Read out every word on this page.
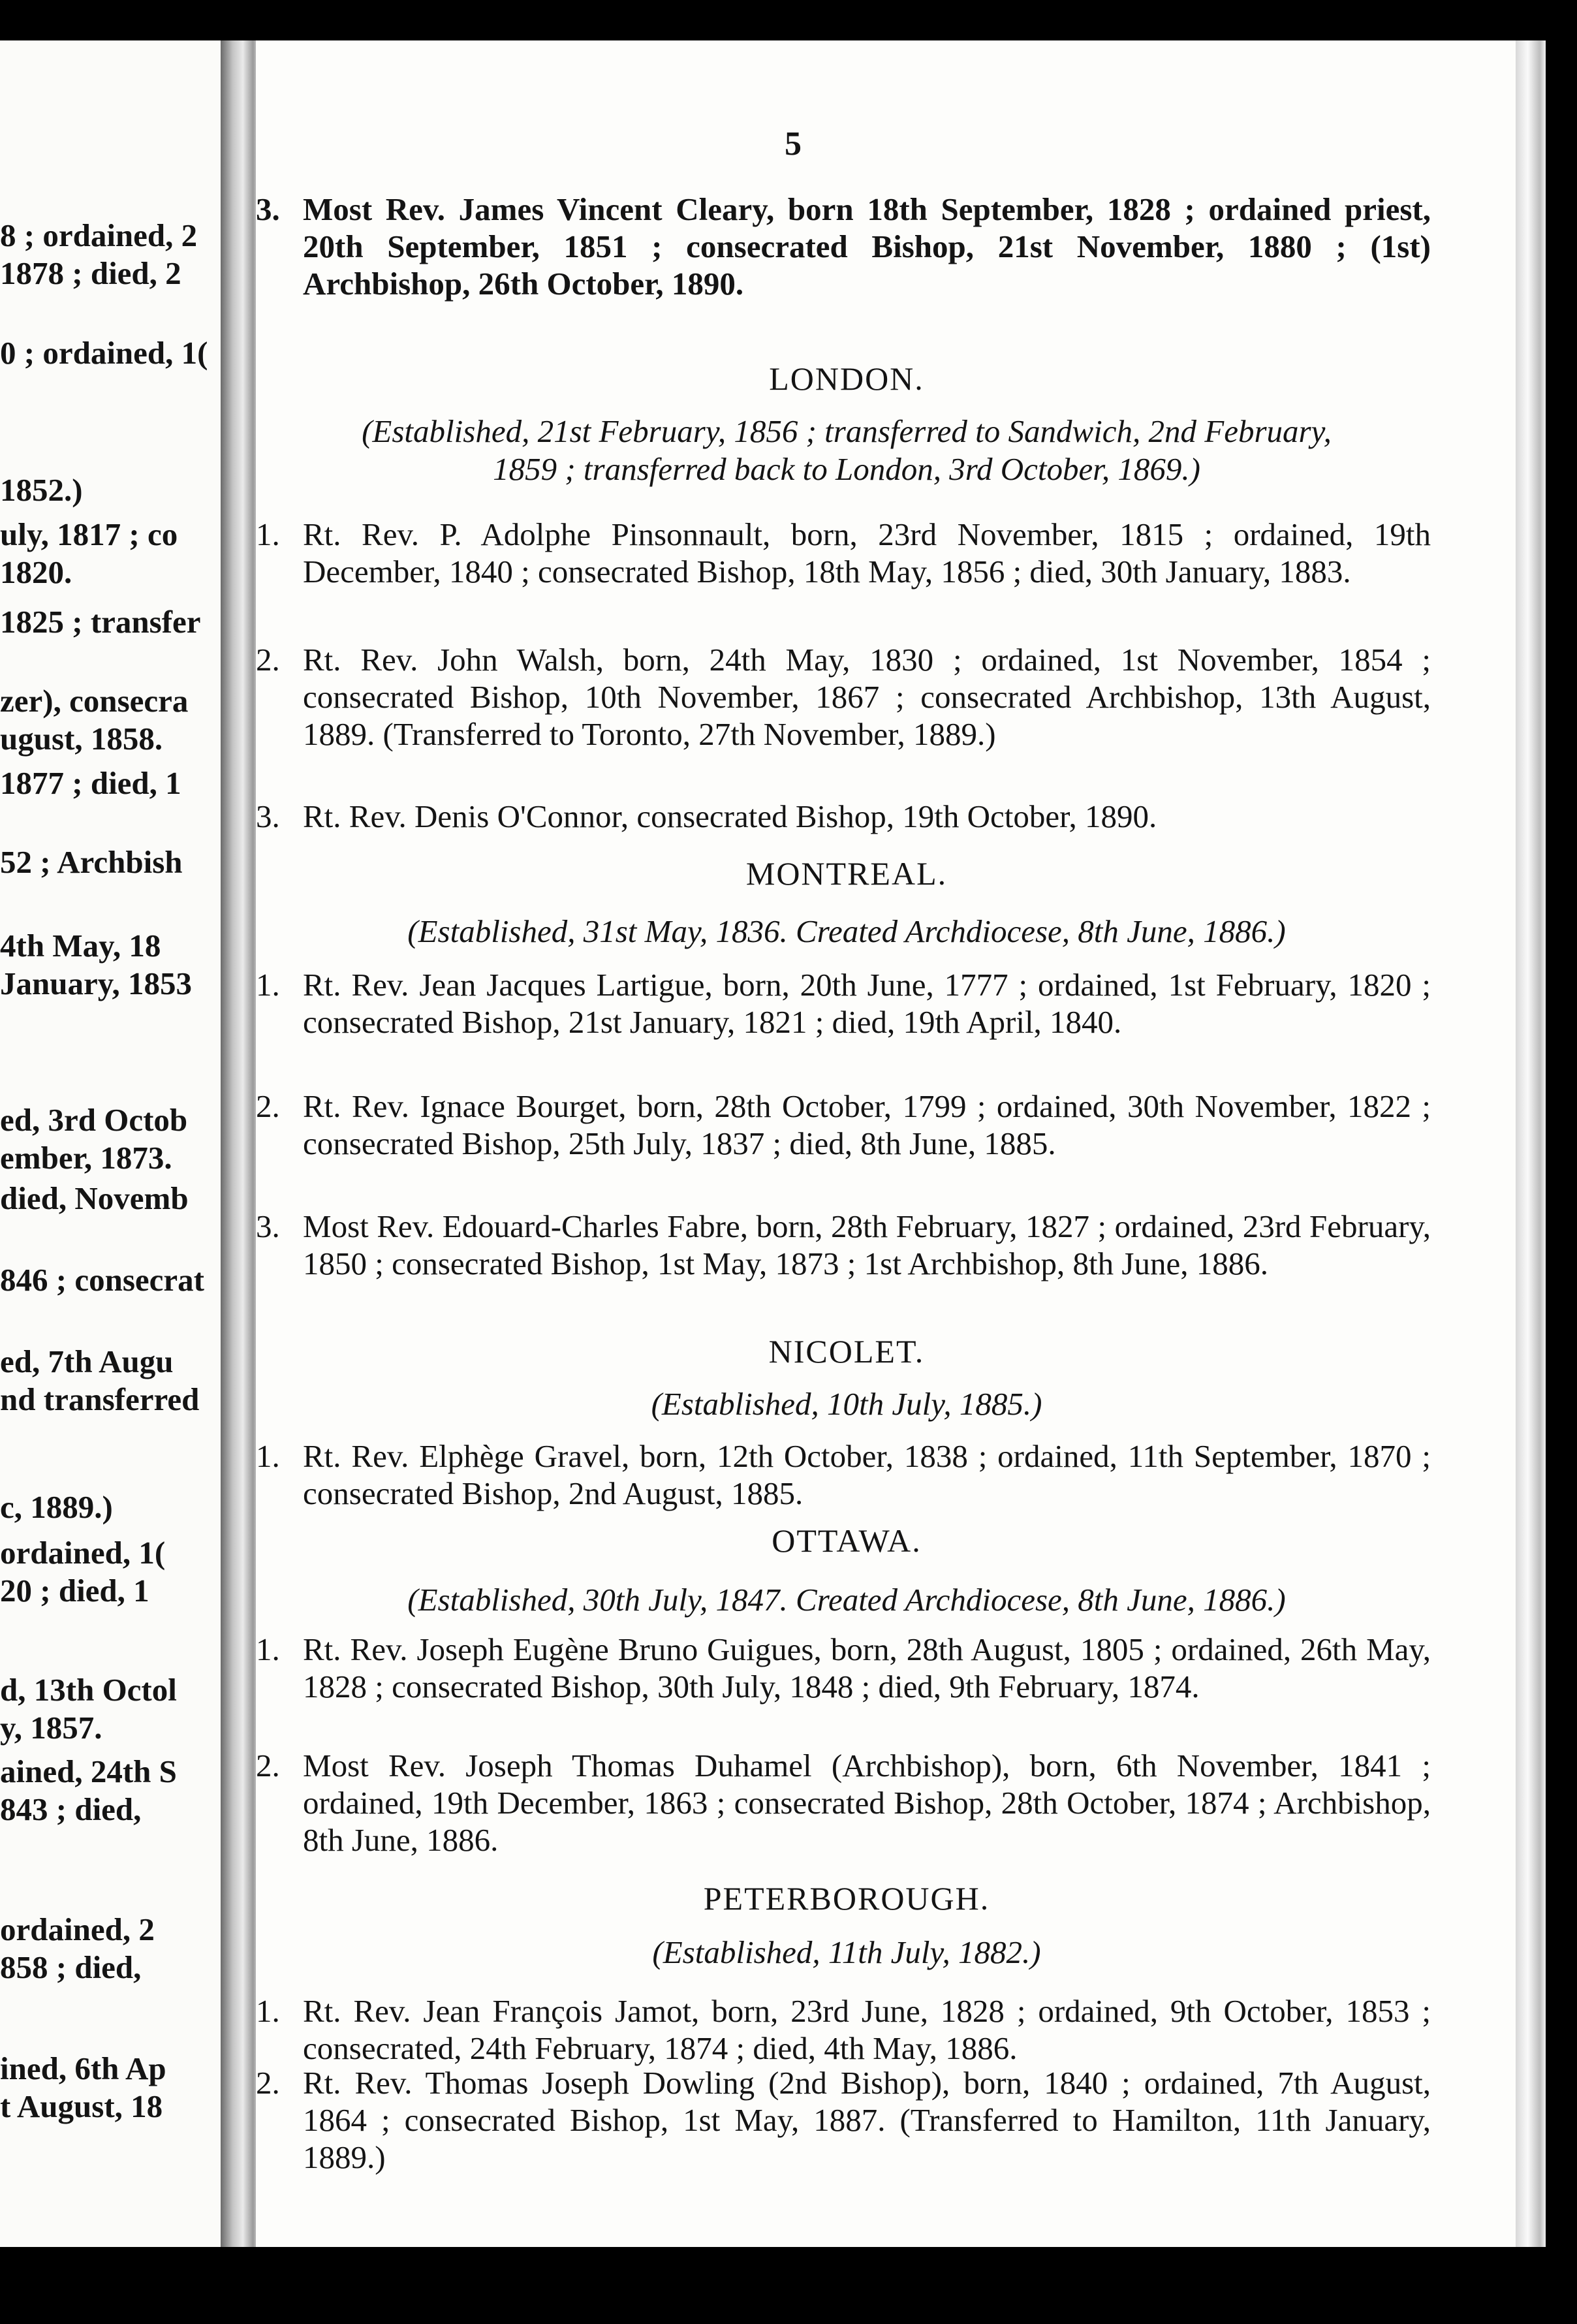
8 ; ordained, 2
1878 ; died, 2
0 ; ordained, 1(
1852.)
uly, 1817 ; co
1820.
1825 ; transfer
zer), consecra
ugust, 1858.
1877 ; died, 1
52 ; Archbish
4th May, 18
January, 1853
ed, 3rd Octob
ember, 1873.
died, Novemb
846 ; consecrat
ed, 7th Augu
nd transferred
c, 1889.)
ordained, 1(
20 ; died, 1
d, 13th Octol
y, 1857.
ained, 24th S
843 ; died,
ordained, 2
858 ; died,
ined, 6th Ap
t August, 18
5
3. Most Rev. James Vincent Cleary, born 18th September, 1828 ; ordained priest, 20th September, 1851 ; consecrated Bishop, 21st November, 1880 ; (1st) Archbishop, 26th October, 1890.
LONDON.
(Established, 21st February, 1856 ; transferred to Sandwich, 2nd February,
1859 ; transferred back to London, 3rd October, 1869.)
1. Rt. Rev. P. Adolphe Pinsonnault, born, 23rd November, 1815 ; ordained, 19th December, 1840 ; consecrated Bishop, 18th May, 1856 ; died, 30th January, 1883.
2. Rt. Rev. John Walsh, born, 24th May, 1830 ; ordained, 1st November, 1854 ; consecrated Bishop, 10th November, 1867 ; consecrated Archbishop, 13th August, 1889. (Transferred to Toronto, 27th November, 1889.)
3. Rt. Rev. Denis O'Connor, consecrated Bishop, 19th October, 1890.
MONTREAL.
(Established, 31st May, 1836. Created Archdiocese, 8th June, 1886.)
1. Rt. Rev. Jean Jacques Lartigue, born, 20th June, 1777 ; ordained, 1st February, 1820 ; consecrated Bishop, 21st January, 1821 ; died, 19th April, 1840.
2. Rt. Rev. Ignace Bourget, born, 28th October, 1799 ; ordained, 30th November, 1822 ; consecrated Bishop, 25th July, 1837 ; died, 8th June, 1885.
3. Most Rev. Edouard-Charles Fabre, born, 28th February, 1827 ; ordained, 23rd February, 1850 ; consecrated Bishop, 1st May, 1873 ; 1st Archbishop, 8th June, 1886.
NICOLET.
(Established, 10th July, 1885.)
1. Rt. Rev. Elphège Gravel, born, 12th October, 1838 ; ordained, 11th September, 1870 ; consecrated Bishop, 2nd August, 1885.
OTTAWA.
(Established, 30th July, 1847. Created Archdiocese, 8th June, 1886.)
1. Rt. Rev. Joseph Eugène Bruno Guigues, born, 28th August, 1805 ; ordained, 26th May, 1828 ; consecrated Bishop, 30th July, 1848 ; died, 9th February, 1874.
2. Most Rev. Joseph Thomas Duhamel (Archbishop), born, 6th November, 1841 ; ordained, 19th December, 1863 ; consecrated Bishop, 28th October, 1874 ; Archbishop, 8th June, 1886.
PETERBOROUGH.
(Established, 11th July, 1882.)
1. Rt. Rev. Jean François Jamot, born, 23rd June, 1828 ; ordained, 9th October, 1853 ; consecrated, 24th February, 1874 ; died, 4th May, 1886.
2. Rt. Rev. Thomas Joseph Dowling (2nd Bishop), born, 1840 ; ordained, 7th August, 1864 ; consecrated Bishop, 1st May, 1887. (Transferred to Hamilton, 11th January, 1889.)
